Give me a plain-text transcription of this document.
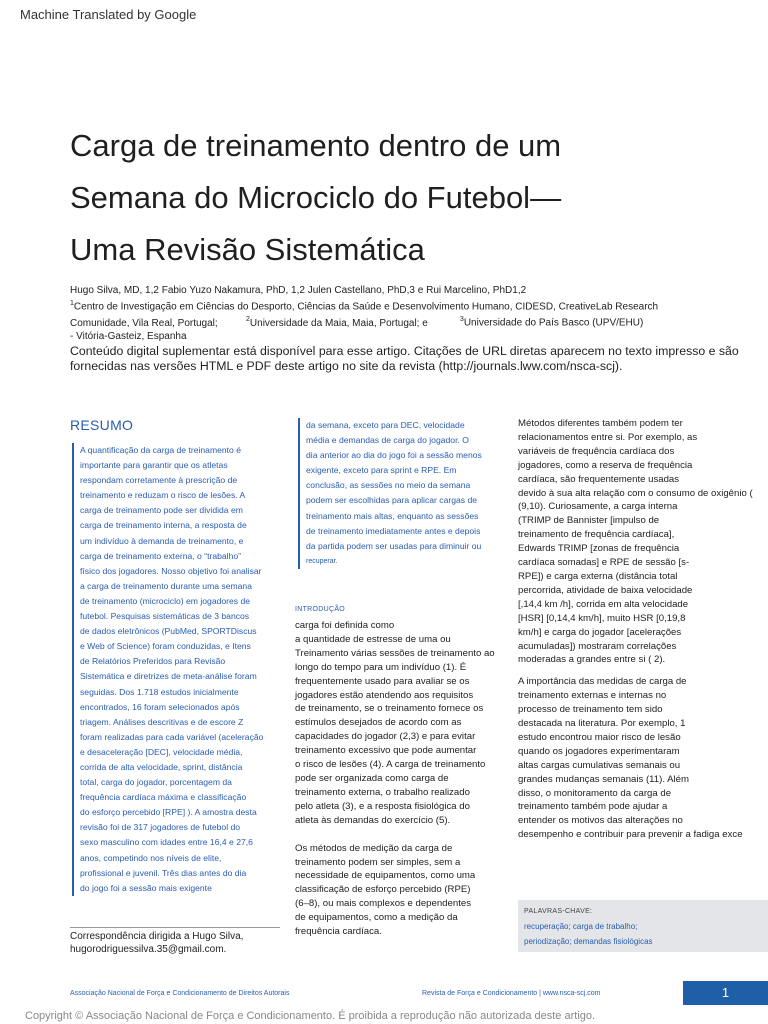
Machine Translated by Google
Carga de treinamento dentro de um
Semana do Microciclo do Futebol—
Uma Revisão Sistemática
Hugo Silva, MD, 1,2 Fabio Yuzo Nakamura, PhD, 1,2 Julen Castellano, PhD,3 e Rui Marcelino, PhD1,2
$^1$Centro de Investigação em Ciências do Desporto, Ciências da Saúde e Desenvolvimento Humano, CIDESD, CreativeLab Research
Comunidade, Vila Real, Portugal;	$^2$Universidade da Maia, Maia, Portugal; e	$^3$Universidade do País Basco (UPV/EHU)
- Vitória-Gasteiz, Espanha
Conteúdo digital suplementar está disponível para esse artigo. Citações de URL diretas aparecem no texto impresso e são fornecidas nas versões HTML e PDF deste artigo no site da revista (http://journals.lww.com/nsca-scj).
RESUMO
A quantificação da carga de treinamento é
importante para garantir que os atletas
respondam corretamente à prescrição de
treinamento e reduzam o risco de lesões. A
carga de treinamento pode ser dividida em
carga de treinamento interna, a resposta de
um indivíduo à demanda de treinamento, e
carga de treinamento externa, o “trabalho”
físico dos jogadores. Nosso objetivo foi analisar
a carga de treinamento durante uma semana
de treinamento (microciclo) em jogadores de
futebol. Pesquisas sistemáticas de 3 bancos
de dados eletrônicos (PubMed, SPORTDiscus
e Web of Science) foram conduzidas, e Itens
de Relatórios Preferidos para Revisão
Sistemática e diretrizes de meta-análise foram
seguidas. Dos 1.718 estudos inicialmente
encontrados, 16 foram selecionados após
triagem. Análises descritivas e de escore Z
foram realizadas para cada variável (aceleração
e desaceleração [DEC], velocidade média,
corrida de alta velocidade, sprint, distância
total, carga do jogador, porcentagem da
frequência cardíaca máxima e classificação
do esforço percebido [RPE] ). A amostra desta
revisão foi de 317 jogadores de futebol do
sexo masculino com idades entre 16,4 e 27,6
anos, competindo nos níveis de elite,
profissional e juvenil. Três dias antes do dia
do jogo foi a sessão mais exigente
da semana, exceto para DEC, velocidade
média e demandas de carga do jogador. O
dia anterior ao dia do jogo foi a sessão menos
exigente, exceto para sprint e RPE. Em
conclusão, as sessões no meio da semana
podem ser escolhidas para aplicar cargas de
treinamento mais altas, enquanto as sessões
de treinamento imediatamente antes e depois
da partida podem ser usadas para diminuir ou
recuperar.
Correspondência dirigida a Hugo Silva,
hugorodriguessilva.35@gmail.com.
INTRODUÇÃO

carga foi definida como
a quantidade de estresse de uma ou
Treinamento várias sessões de treinamento ao
longo do tempo para um indivíduo (1). É
frequentemente usado para avaliar se os
jogadores estão atendendo aos requisitos
de treinamento, se o treinamento fornece os
estímulos desejados de acordo com as
capacidades do jogador (2,3) e para evitar
treinamento excessivo que pode aumentar
o risco de lesões (4). A carga de treinamento
pode ser organizada como carga de
treinamento externa, o trabalho realizado
pelo atleta (3), e a resposta fisiológica do
atleta às demandas do exercício (5).

Os métodos de medição da carga de
treinamento podem ser simples, sem a
necessidade de equipamentos, como uma
classificação de esforço percebido (RPE)
(6–8), ou mais complexos e dependentes
de equipamentos, como a medição da frequência cardíaca.

Métodos diferentes também podem ter
relacionamentos entre si. Por exemplo, as
variáveis de frequência cardíaca dos
jogadores, como a reserva de frequência
cardíaca, são frequentemente usadas
devido à sua alta relação com o consumo de oxigênio (
(9,10). Curiosamente, a carga interna
(TRIMP de Bannister [impulso de
treinamento de frequência cardíaca],
Edwards TRIMP [zonas de frequência
cardíaca somadas] e RPE de sessão [s-
RPE]) e carga externa (distância total
percorrida, atividade de baixa velocidade
[,14,4 km /h], corrida em alta velocidade
[HSR] [0,14,4 km/h], muito HSR [0,19,8
km/h] e carga do jogador [acelerações
acumuladas]) mostraram correlações
moderadas a grandes entre si ( 2).

A importância das medidas de carga de
treinamento externas e internas no
processo de treinamento tem sido
destacada na literatura. Por exemplo, 1
estudo encontrou maior risco de lesão
quando os jogadores experimentaram
altas cargas cumulativas semanais ou
grandes mudanças semanais (11). Além
disso, o monitoramento da carga de
treinamento também pode ajudar a
entender os motivos das alterações no
desempenho e contribuir para prevenir a fadiga exce

PALAVRAS-CHAVE:
recuperação; carga de trabalho;
periodização; demandas fisiológicas
Associação Nacional de Força e Condicionamento de Direitos Autorais	Revista de Força e Condicionamento | www.nsca-scj.com	1
Copyright © Associação Nacional de Força e Condicionamento. É proibida a reprodução não autorizada deste artigo.
